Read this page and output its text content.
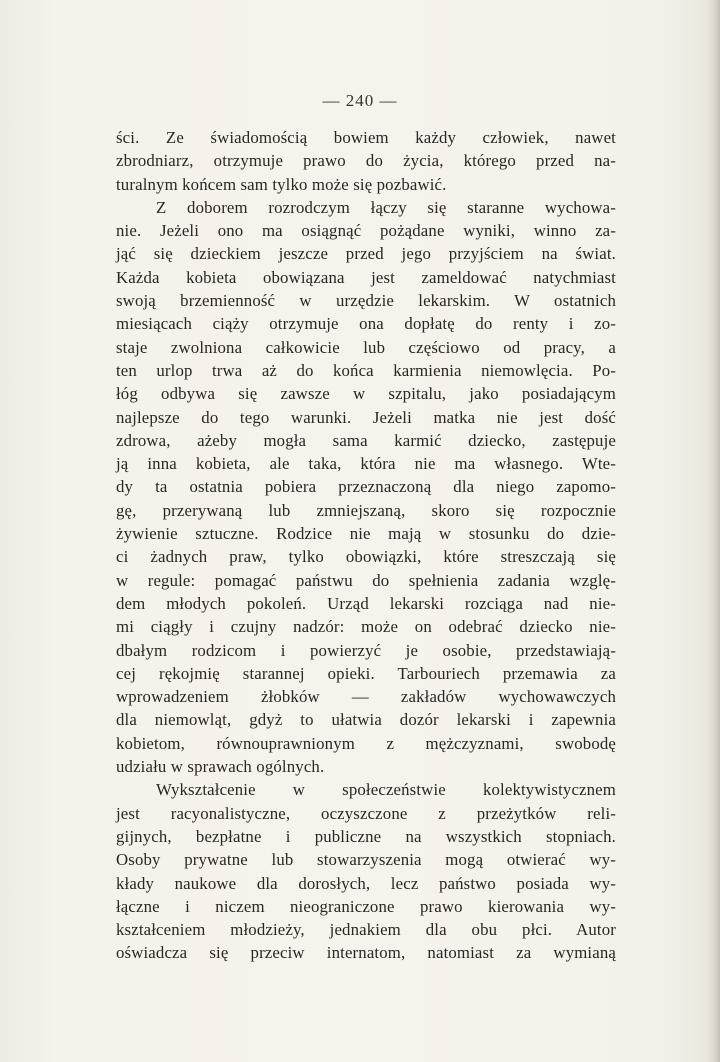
— 240 —
ści. Ze świadomością bowiem każdy człowiek, nawet
zbrodniarz, otrzymuje prawo do życia, którego przed na-
turalnym końcem sam tylko może się pozbawić.
Z doborem rozrodczym łączy się staranne wychowa-
nie. Jeżeli ono ma osiągnąć pożądane wyniki, winno za-
jąć się dzieckiem jeszcze przed jego przyjściem na świat.
Każda kobieta obowiązana jest zameldować natychmiast
swoją brzemienność w urzędzie lekarskim. W ostatnich
miesiącach ciąży otrzymuje ona dopłatę do renty i zo-
staje zwolniona całkowicie lub częściowo od pracy, a
ten urlop trwa aż do końca karmienia niemowlęcia. Po-
łóg odbywa się zawsze w szpitalu, jako posiadającym
najlepsze do tego warunki. Jeżeli matka nie jest dość
zdrowa, ażeby mogła sama karmić dziecko, zastępuje
ją inna kobieta, ale taka, która nie ma własnego. Wte-
dy ta ostatnia pobiera przeznaczoną dla niego zapomo-
gę, przerywaną lub zmniejszaną, skoro się rozpocznie
żywienie sztuczne. Rodzice nie mają w stosunku do dzie-
ci żadnych praw, tylko obowiązki, które streszczają się
w regule: pomagać państwu do spełnienia zadania wzglę-
dem młodych pokoleń. Urząd lekarski rozciąga nad nie-
mi ciągły i czujny nadzór: może on odebrać dziecko nie-
dbałym rodzicom i powierzyć je osobie, przedstawiają-
cej rękojmię starannej opieki. Tarbouriech przemawia za
wprowadzeniem żłobków — zakładów wychowawczych
dla niemowląt, gdyż to ułatwia dozór lekarski i zapewnia
kobietom, równouprawnionym z mężczyznami, swobodę
udziału w sprawach ogólnych.
Wykształcenie w społeczeństwie kolektywistycznem
jest racyonalistyczne, oczyszczone z przeżytków reli-
gijnych, bezpłatne i publiczne na wszystkich stopniach.
Osoby prywatne lub stowarzyszenia mogą otwierać wy-
kłady naukowe dla dorosłych, lecz państwo posiada wy-
łączne i niczem nieograniczone prawo kierowania wy-
kształceniem młodzieży, jednakiem dla obu płci. Autor
oświadcza się przeciw internatom, natomiast za wymianą
